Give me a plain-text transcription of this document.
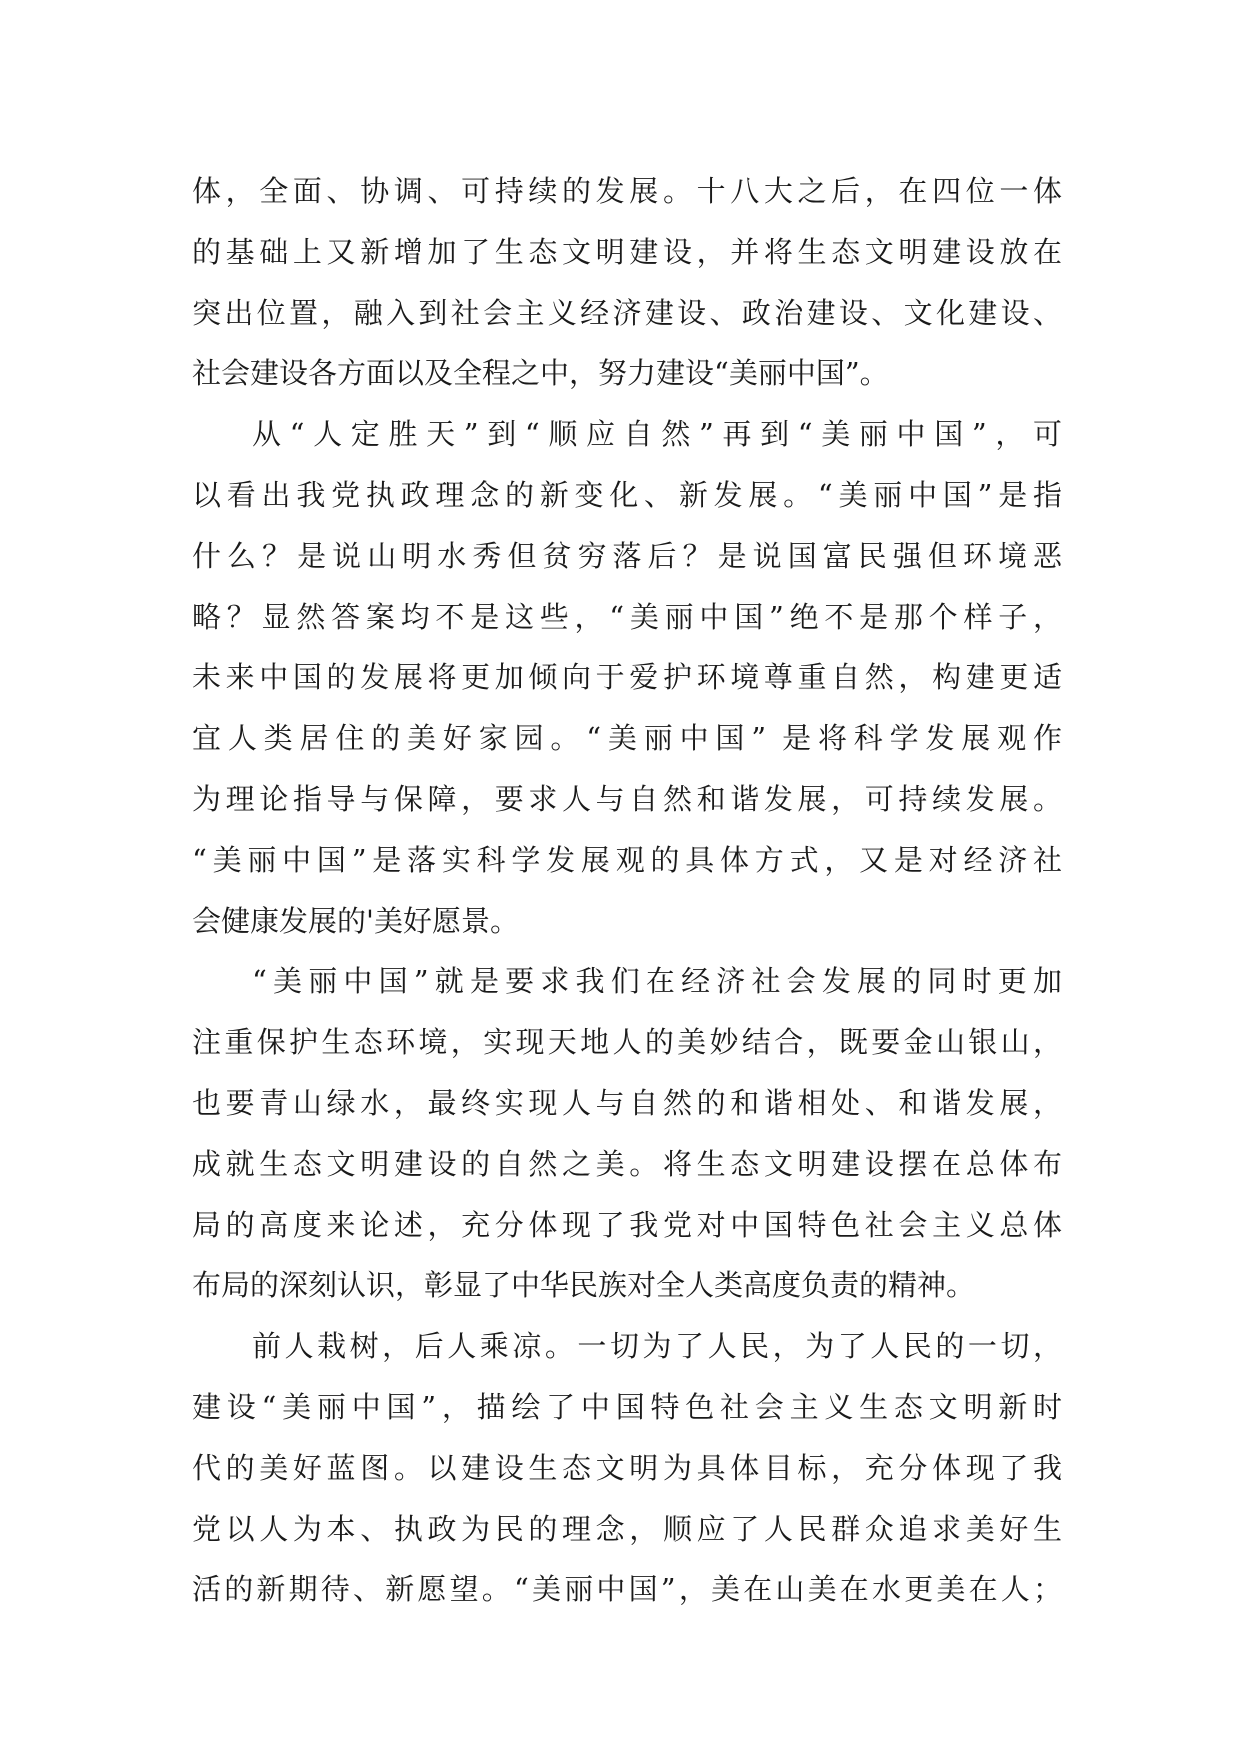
体，全面、协调、可持续的发展。十八大之后，在四位一体
的基础上又新增加了生态文明建设，并将生态文明建设放在
突出位置，融入到社会主义经济建设、政治建设、文化建设、
社会建设各方面以及全程之中，努力建设“美丽中国”。
从“人定胜天”到“顺应自然”再到“美丽中国”，可
以看出我党执政理念的新变化、新发展。“美丽中国”是指
什么？是说山明水秀但贫穷落后？是说国富民强但环境恶
略？显然答案均不是这些，“美丽中国”绝不是那个样子，
未来中国的发展将更加倾向于爱护环境尊重自然，构建更适
宜人类居住的美好家园。“美丽中国” 是将科学发展观作
为理论指导与保障，要求人与自然和谐发展，可持续发展。
“美丽中国”是落实科学发展观的具体方式，又是对经济社
会健康发展的'美好愿景。
“美丽中国”就是要求我们在经济社会发展的同时更加
注重保护生态环境，实现天地人的美妙结合，既要金山银山，
也要青山绿水，最终实现人与自然的和谐相处、和谐发展，
成就生态文明建设的自然之美。将生态文明建设摆在总体布
局的高度来论述，充分体现了我党对中国特色社会主义总体
布局的深刻认识，彰显了中华民族对全人类高度负责的精神。
前人栽树，后人乘凉。一切为了人民，为了人民的一切，
建设“美丽中国”，描绘了中国特色社会主义生态文明新时
代的美好蓝图。以建设生态文明为具体目标，充分体现了我
党以人为本、执政为民的理念，顺应了人民群众追求美好生
活的新期待、新愿望。“美丽中国”，美在山美在水更美在人；
